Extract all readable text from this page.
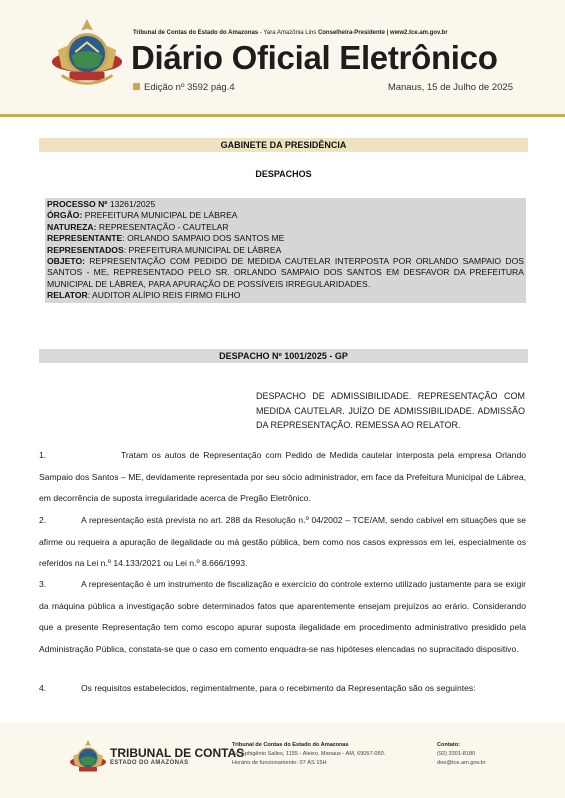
Tribunal de Contas do Estado do Amazonas - Yara Amazônia Lins Conselheira-Presidente | www2.tce.am.gov.br
Diário Oficial Eletrônico
Edição nº 3592 pág.4	Manaus, 15 de Julho de 2025
GABINETE DA PRESIDÊNCIA
DESPACHOS
PROCESSO Nº 13261/2025
ÓRGÃO: PREFEITURA MUNICIPAL DE LÁBREA
NATUREZA: REPRESENTAÇÃO - CAUTELAR
REPRESENTANTE: ORLANDO SAMPAIO DOS SANTOS ME
REPRESENTADOS: PREFEITURA MUNICIPAL DE LÁBREA
OBJETO: REPRESENTAÇÃO COM PEDIDO DE MEDIDA CAUTELAR INTERPOSTA POR ORLANDO SAMPAIO DOS SANTOS - ME, REPRESENTADO PELO SR. ORLANDO SAMPAIO DOS SANTOS EM DESFAVOR DA PREFEITURA MUNICIPAL DE LÁBREA, PARA APURAÇÃO DE POSSÍVEIS IRREGULARIDADES.
RELATOR: AUDITOR ALÍPIO REIS FIRMO FILHO
DESPACHO Nº 1001/2025 - GP
DESPACHO DE ADMISSIBILIDADE. REPRESENTAÇÃO COM MEDIDA CAUTELAR. JUÍZO DE ADMISSIBILIDADE. ADMISSÃO DA REPRESENTAÇÃO. REMESSA AO RELATOR.
1.	Tratam os autos de Representação com Pedido de Medida cautelar interposta pela empresa Orlando Sampaio dos Santos – ME, devidamente representada por seu sócio administrador, em face da Prefeitura Municipal de Lábrea, em decorrência de suposta irregularidade acerca de Pregão Eletrônico.
2.	A representação está prevista no art. 288 da Resolução n.º 04/2002 – TCE/AM, sendo cabível em situações que se afirme ou requeira a apuração de ilegalidade ou má gestão pública, bem como nos casos expressos em lei, especialmente os referidos na Lei n.º 14.133/2021 ou Lei n.º 8.666/1993.
3.	A representação é um instrumento de fiscalização e exercício do controle externo utilizado justamente para se exigir da máquina pública a investigação sobre determinados fatos que aparentemente ensejam prejuízos ao erário. Considerando que a presente Representação tem como escopo apurar suposta ilegalidade em procedimento administrativo presidido pela Administração Pública, constata-se que o caso em comento enquadra-se nas hipóteses elencadas no supracitado dispositivo.
4.	Os requisitos estabelecidos, regimentalmente, para o recebimento da Representação são os seguintes:
TRIBUNAL DE CONTAS
ESTADO DO AMAZONAS
Tribunal de Contas do Estado do Amazonas
Av. Ephigênio Salles, 1155 - Aleixo, Manaus - AM, 69057-050.
Horário de funcionamento: 07 ÀS 15H
Contato:
(92) 3301-8180
doe@tce.am.gov.br
